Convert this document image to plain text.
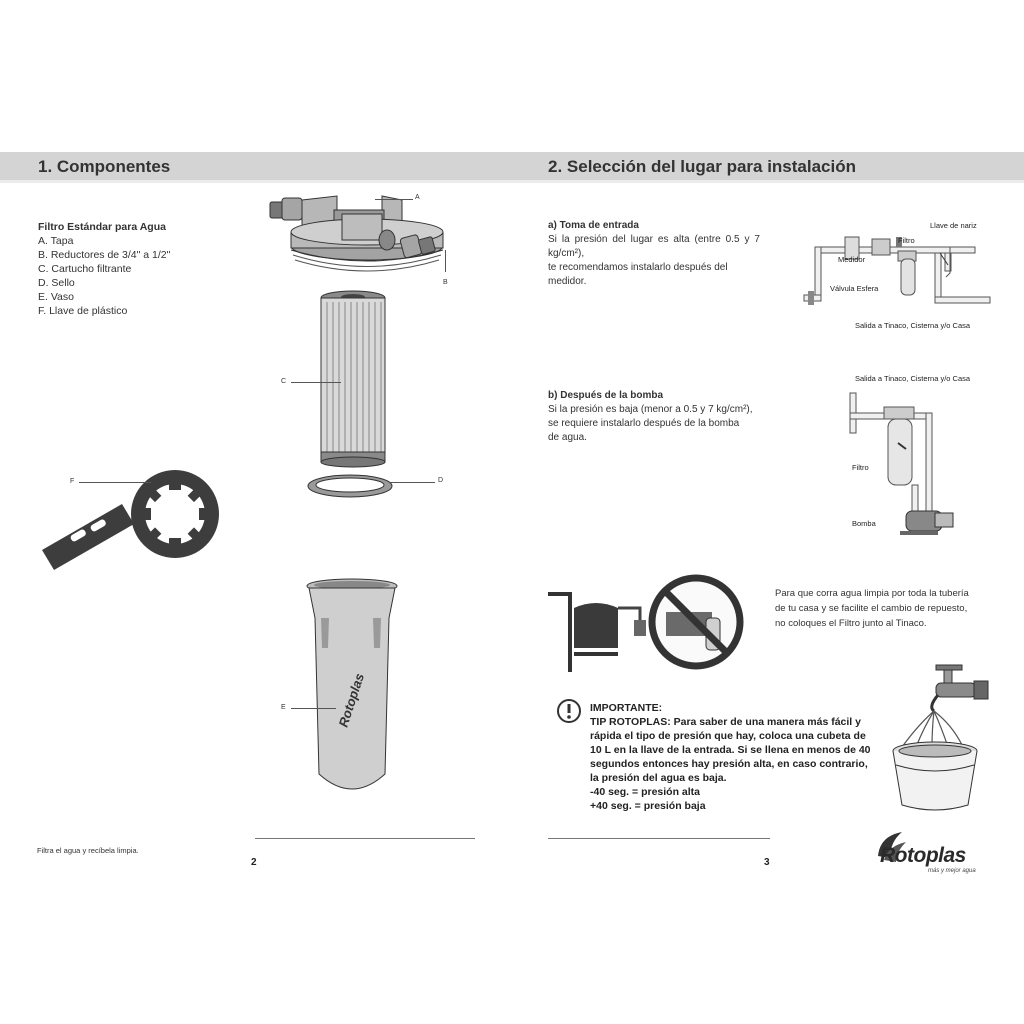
1. Componentes	2. Selección del lugar para instalación
Filtro Estándar para Agua
A. Tapa
B. Reductores de 3/4" a 1/2"
C. Cartucho filtrante
D. Sello
E. Vaso
F. Llave de plástico
A
B
C
D
F
Rotoplas
E
Filtra el agua y recíbela limpia.
2
a) Toma de entrada
Si la presión del lugar es alta (entre 0.5 y 7 kg/cm²),
te recomendamos instalarlo después del
medidor.
Llave de nariz
Filtro
Medidor
Válvula Esfera
Salida a Tinaco, Cisterna y/o Casa
b) Después de la bomba
Si la presión es baja (menor a 0.5 y 7 kg/cm²),
se requiere instalarlo después de la bomba
de agua.
Salida a Tinaco, Cisterna y/o Casa
Filtro
Bomba
Para que corra agua limpia por toda la tubería
de tu casa y se facilite el cambio de repuesto,
no coloques el Filtro junto al Tinaco.
IMPORTANTE:
TIP ROTOPLAS: Para saber de una manera más fácil y
rápida el tipo de presión que hay, coloca una cubeta de
10 L en la llave de la entrada. Si se llena en menos de 40
segundos entonces hay presión alta, en caso contrario,
la presión del agua es baja.
-40 seg. = presión alta
+40 seg. = presión baja
3	Rotoplas
más y mejor agua
